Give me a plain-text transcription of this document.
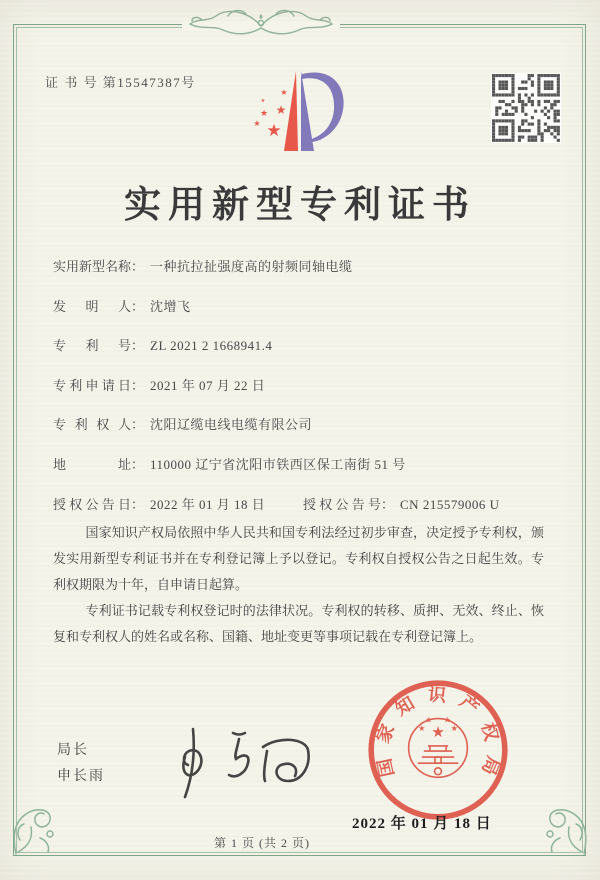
证 书 号 第15547387号
★
★
★
★
★
★
实用新型专利证书
实用新型名称： 一种抗拉扯强度高的射频同轴电缆
发明人： 沈增飞
专利号： ZL 2021 2 1668941.4
专利申请日： 2021 年 07 月 22 日
专利权人： 沈阳辽缆电线电缆有限公司
地址： 110000 辽宁省沈阳市铁西区保工南街 51 号
授权公告日： 2022 年 01 月 18 日	授权公告号： CN 215579006 U

国家知识产权局依照中华人民共和国专利法经过初步审查，决定授予专利权，颁发实用新型专利证书并在专利登记簿上予以登记。专利权自授权公告之日起生效。专利权期限为十年，自申请日起算。

专利证书记载专利权登记时的法律状况。专利权的转移、质押、无效、终止、恢复和专利权人的姓名或名称、国籍、地址变更等事项记载在专利登记簿上。

局长
申长雨	国家知识产权局
★
★
★ ★
★
2022 年 01 月 18 日
第 1 页 (共 2 页)
